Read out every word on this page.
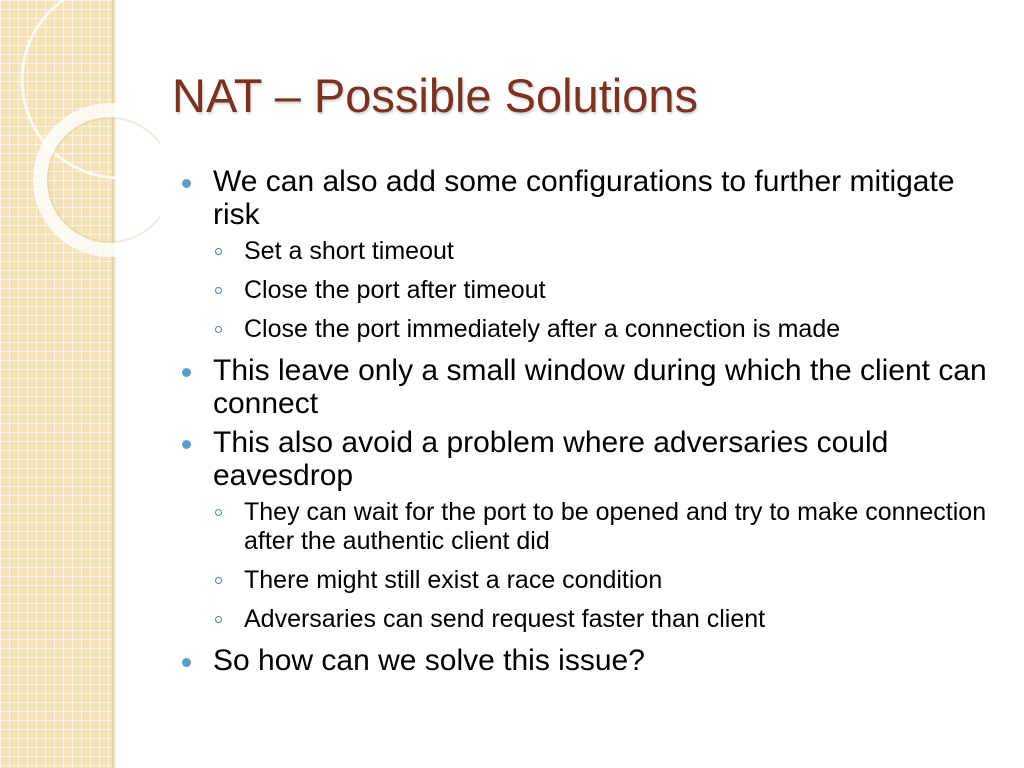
NAT – Possible Solutions
We can also add some configurations to further mitigate risk
Set a short timeout
Close the port after timeout
Close the port immediately after a connection is made
This leave only a small window during which the client can connect
This also avoid a problem where adversaries could eavesdrop
They can wait for the port to be opened and try to make connection after the authentic client did
There might still exist a race condition
Adversaries can send request faster than client
So how can we solve this issue?
